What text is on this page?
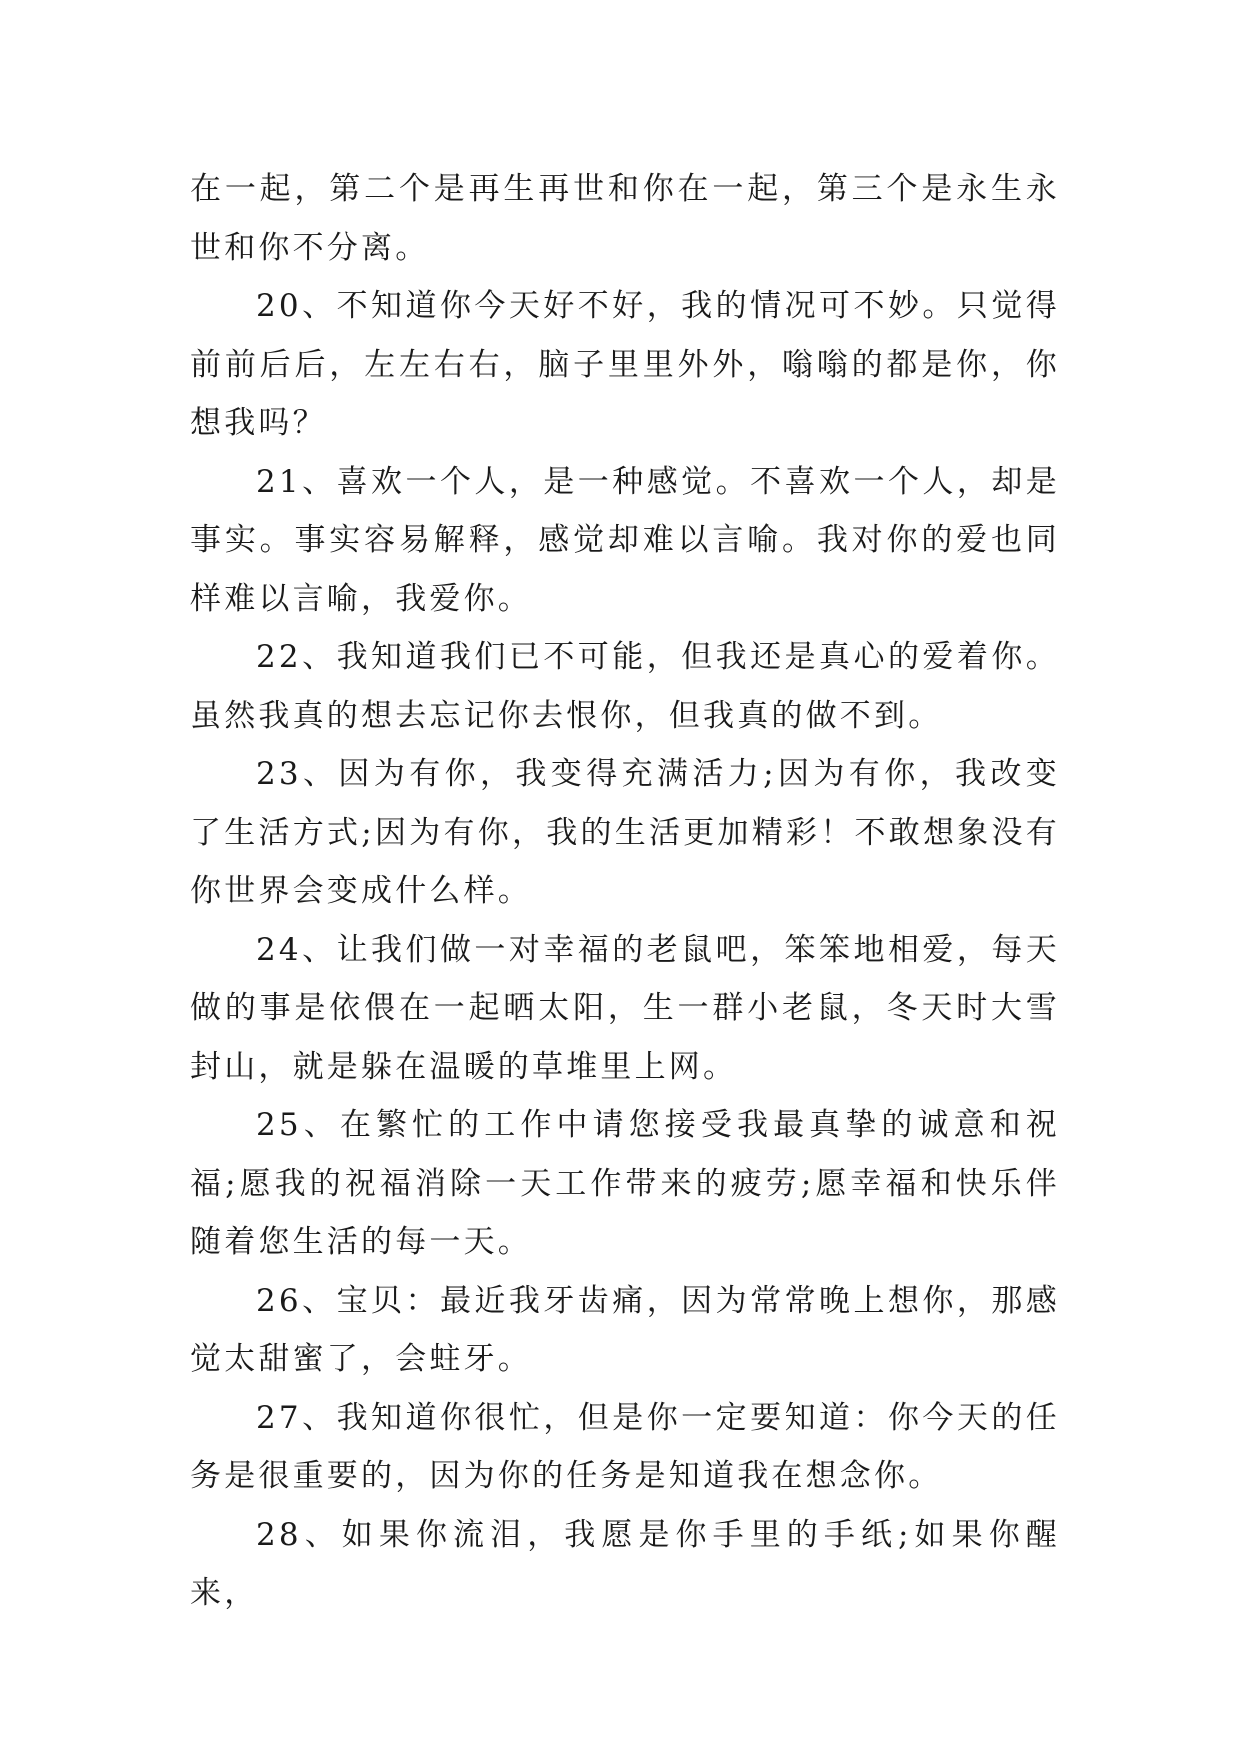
在一起，第二个是再生再世和你在一起，第三个是永生永世和你不分离。

20、不知道你今天好不好，我的情况可不妙。只觉得前前后后，左左右右，脑子里里外外，嗡嗡的都是你，你想我吗？

21、喜欢一个人，是一种感觉。不喜欢一个人，却是事实。事实容易解释，感觉却难以言喻。我对你的爱也同样难以言喻，我爱你。

22、我知道我们已不可能，但我还是真心的爱着你。虽然我真的想去忘记你去恨你，但我真的做不到。

23、因为有你，我变得充满活力;因为有你，我改变了生活方式;因为有你，我的生活更加精彩！不敢想象没有你世界会变成什么样。

24、让我们做一对幸福的老鼠吧，笨笨地相爱，每天做的事是依偎在一起晒太阳，生一群小老鼠，冬天时大雪封山，就是躲在温暖的草堆里上网。

25、在繁忙的工作中请您接受我最真挚的诚意和祝福;愿我的祝福消除一天工作带来的疲劳;愿幸福和快乐伴随着您生活的每一天。

26、宝贝：最近我牙齿痛，因为常常晚上想你，那感觉太甜蜜了，会蛀牙。

27、我知道你很忙，但是你一定要知道：你今天的任务是很重要的，因为你的任务是知道我在想念你。

28、如果你流泪，我愿是你手里的手纸;如果你醒来，
